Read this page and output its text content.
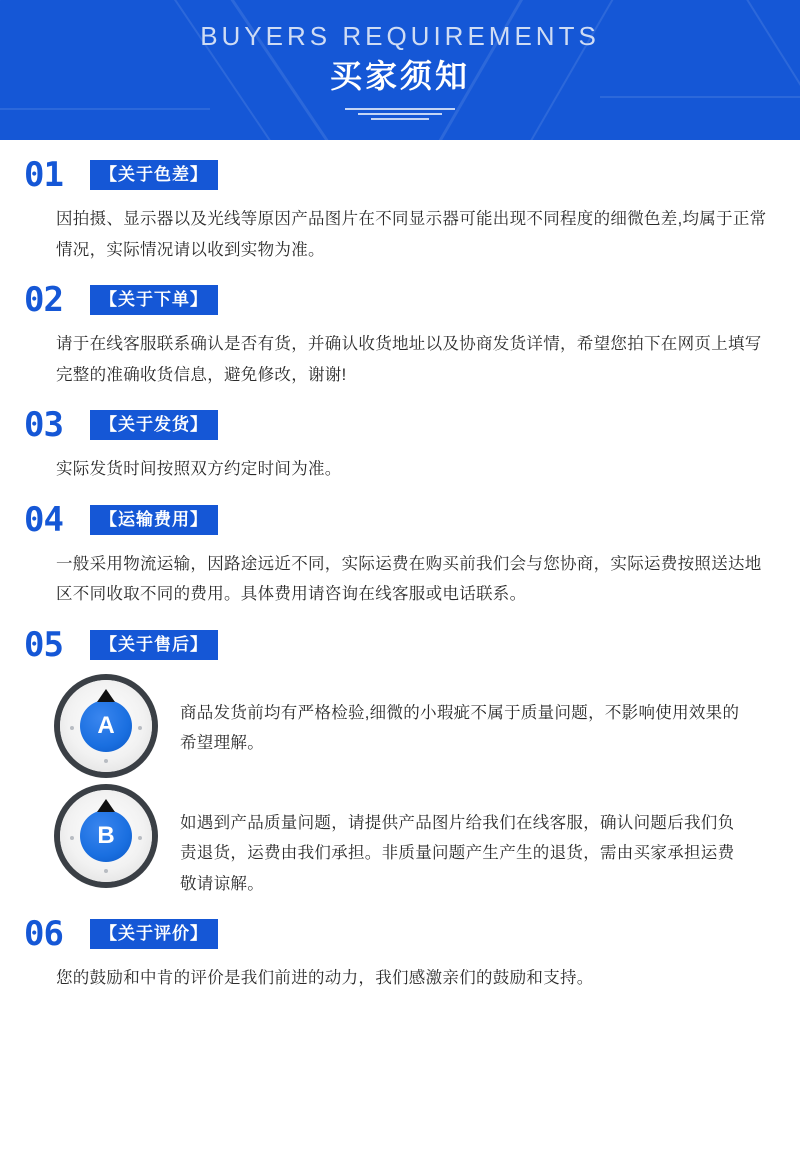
BUYERS REQUIREMENTS
买家须知
01	【关于色差】
因拍摄、显示器以及光线等原因产品图片在不同显示器可能出现不同程度的细微色差,均属于正常情况，实际情况请以收到实物为准。
02	【关于下单】
请于在线客服联系确认是否有货，并确认收货地址以及协商发货详情，希望您拍下在网页上填写完整的准确收货信息，避免修改，谢谢!
03	【关于发货】
实际发货时间按照双方约定时间为准。
04	【运输费用】
一般采用物流运输，因路途远近不同，实际运费在购买前我们会与您协商，实际运费按照送达地区不同收取不同的费用。具体费用请咨询在线客服或电话联系。
05	【关于售后】
A	商品发货前均有严格检验,细微的小瑕疵不属于质量问题，不影响使用效果的希望理解。
B	如遇到产品质量问题，请提供产品图片给我们在线客服，确认问题后我们负责退货，运费由我们承担。非质量问题产生产生的退货，需由买家承担运费敬请谅解。
06	【关于评价】
您的鼓励和中肯的评价是我们前进的动力，我们感激亲们的鼓励和支持。
